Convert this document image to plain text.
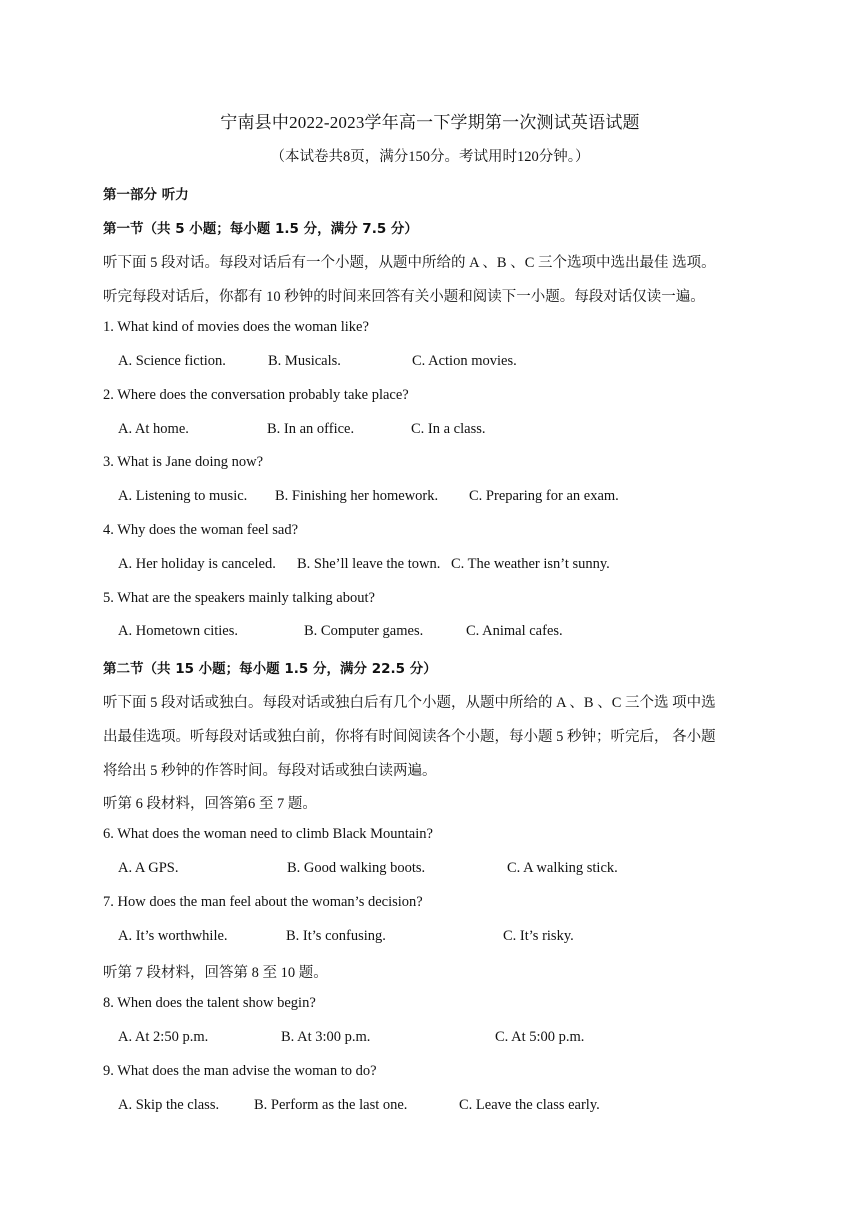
宁南县中2022-2023学年高一下学期第一次测试英语试题
（本试卷共8页，满分150分。考试用时120分钟。）
第一部分 听力
第一节（共 5 小题；每小题 1.5 分，满分 7.5 分）
听下面 5 段对话。每段对话后有一个小题，从题中所给的 A 、B 、C 三个选项中选出最佳 选项。
听完每段对话后，你都有 10 秒钟的时间来回答有关小题和阅读下一小题。每段对话仅读一遍。
1. What kind of movies does the woman like?
A. Science fiction.	B. Musicals.	C. Action movies.
2. Where does the conversation probably take place?
A. At home.	B. In an office.	C. In a class.
3. What is Jane doing now?
A. Listening to music. B. Finishing her homework. C. Preparing for an exam.
4. Why does the woman feel sad?
A. Her holiday is canceled. B. She’ll leave the town. C. The weather isn’t sunny.
5. What are the speakers mainly talking about?
A. Hometown cities.	B. Computer games.	C. Animal cafes.
第二节（共 15 小题；每小题 1.5 分，满分 22.5 分）
听下面 5 段对话或独白。每段对话或独白后有几个小题，从题中所给的 A 、B 、C 三个选 项中选
出最佳选项。听每段对话或独白前，你将有时间阅读各个小题，每小题 5 秒钟；听完后， 各小题
将给出 5 秒钟的作答时间。每段对话或独白读两遍。
听第 6 段材料，回答第6 至 7 题。
6. What does the woman need to climb Black Mountain?
A. A GPS.	B. Good walking boots.	C. A walking stick.
7. How does the man feel about the woman’s decision?
A. It’s worthwhile.	B. It’s confusing.	C. It’s risky.
听第 7 段材料，回答第 8 至 10 题。
8. When does the talent show begin?
A. At 2:50 p.m.	B. At 3:00 p.m.	C. At 5:00 p.m.
9. What does the man advise the woman to do?
A. Skip the class. B. Perform as the last one.	C. Leave the class early.
